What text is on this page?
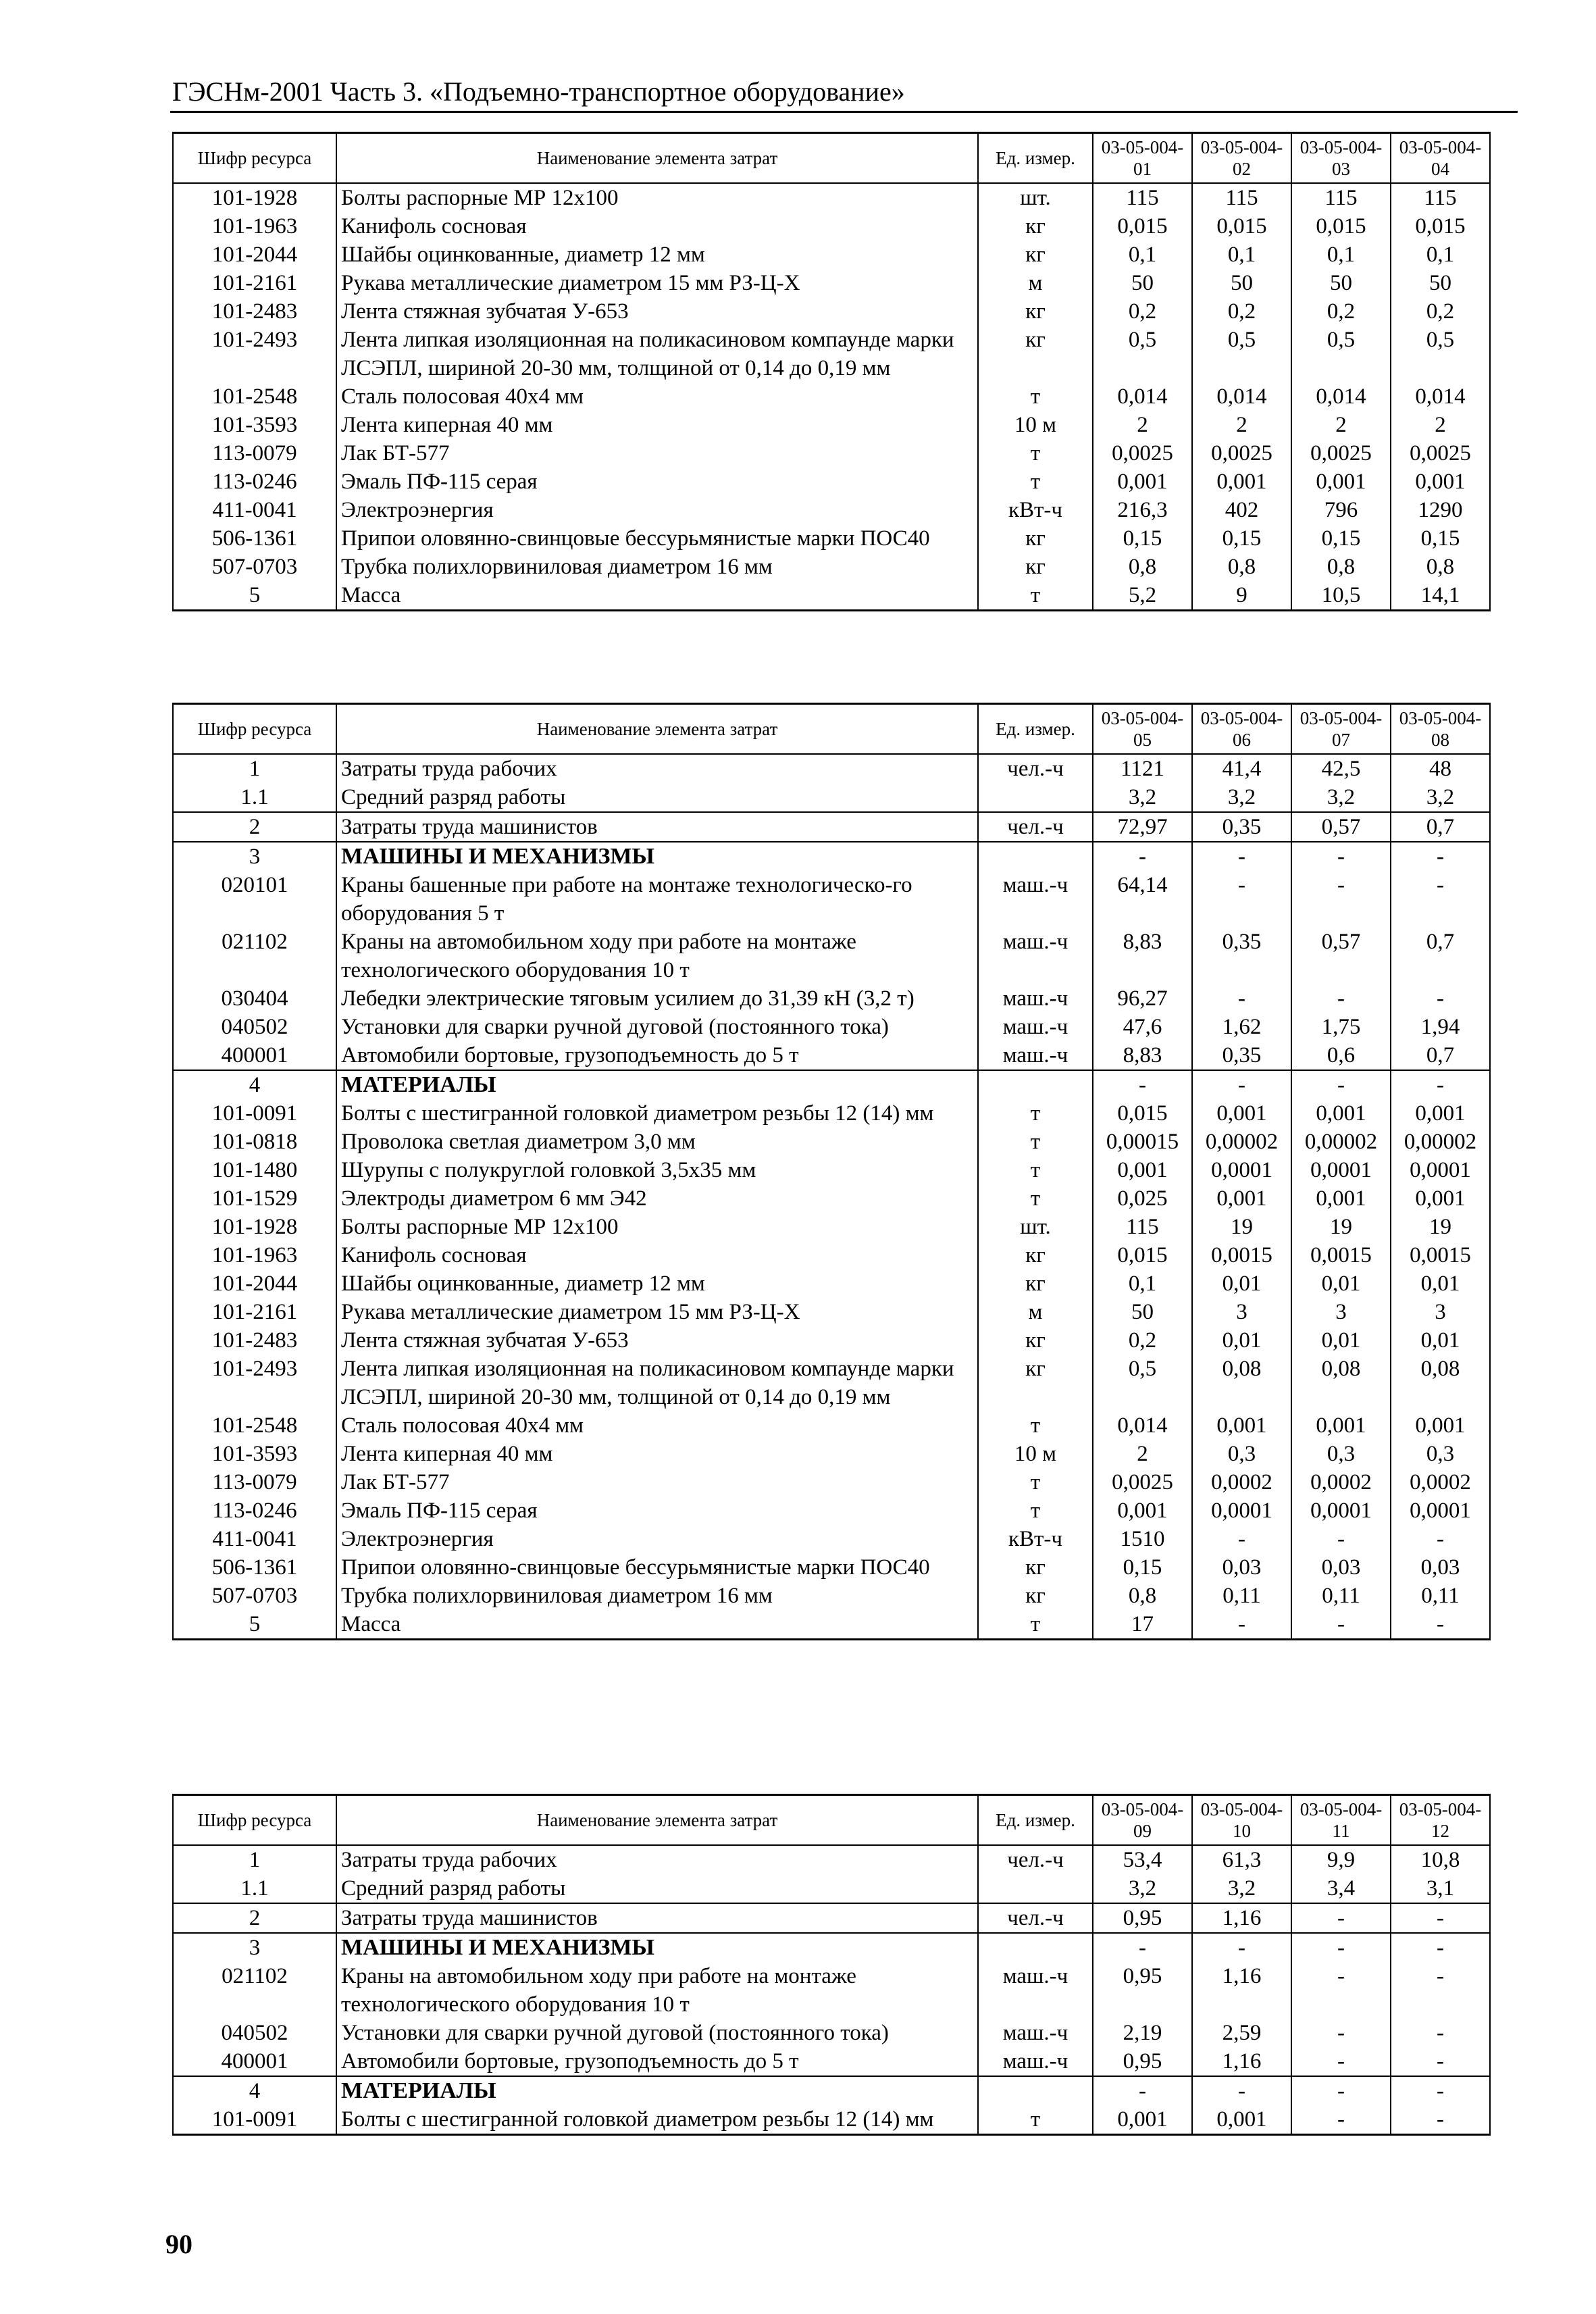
ГЭСНм-2001 Часть 3. «Подъемно-транспортное оборудование»
Шифр ресурса	Наименование элемента затрат	Ед. измер.	03-05-004-01	03-05-004-02	03-05-004-03	03-05-004-04
101-1928	Болты распорные МР 12х100	шт.	115	115	115	115
101-1963	Канифоль сосновая	кг	0,015	0,015	0,015	0,015
101-2044	Шайбы оцинкованные, диаметр 12 мм	кг	0,1	0,1	0,1	0,1
101-2161	Рукава металлические диаметром 15 мм РЗ-Ц-Х	м	50	50	50	50
101-2483	Лента стяжная зубчатая У-653	кг	0,2	0,2	0,2	0,2
101-2493	Лента липкая изоляционная на поликасиновом компаунде марки ЛСЭПЛ, шириной 20-30 мм, толщиной от 0,14 до 0,19 мм	кг	0,5	0,5	0,5	0,5
101-2548	Сталь полосовая 40х4 мм	т	0,014	0,014	0,014	0,014
101-3593	Лента киперная 40 мм	10 м	2	2	2	2
113-0079	Лак БТ-577	т	0,0025	0,0025	0,0025	0,0025
113-0246	Эмаль ПФ-115 серая	т	0,001	0,001	0,001	0,001
411-0041	Электроэнергия	кВт-ч	216,3	402	796	1290
506-1361	Припои оловянно-свинцовые бессурьмянистые марки ПОС40	кг	0,15	0,15	0,15	0,15
507-0703	Трубка полихлорвиниловая диаметром 16 мм	кг	0,8	0,8	0,8	0,8
5	Масса	т	5,2	9	10,5	14,1
Шифр ресурса	Наименование элемента затрат	Ед. измер.	03-05-004-05	03-05-004-06	03-05-004-07	03-05-004-08
1	Затраты труда рабочих	чел.-ч	1121	41,4	42,5	48
1.1	Средний разряд работы		3,2	3,2	3,2	3,2
2	Затраты труда машинистов	чел.-ч	72,97	0,35	0,57	0,7
3	МАШИНЫ И МЕХАНИЗМЫ		-	-	-	-
020101	Краны башенные при работе на монтаже технологическо-го оборудования 5 т	маш.-ч	64,14	-	-	-
021102	Краны на автомобильном ходу при работе на монтаже технологического оборудования 10 т	маш.-ч	8,83	0,35	0,57	0,7
030404	Лебедки электрические тяговым усилием до 31,39 кН (3,2 т)	маш.-ч	96,27	-	-	-
040502	Установки для сварки ручной дуговой (постоянного тока)	маш.-ч	47,6	1,62	1,75	1,94
400001	Автомобили бортовые, грузоподъемность до 5 т	маш.-ч	8,83	0,35	0,6	0,7
4	МАТЕРИАЛЫ		-	-	-	-
101-0091	Болты с шестигранной головкой диаметром резьбы 12 (14) мм	т	0,015	0,001	0,001	0,001
101-0818	Проволока светлая диаметром 3,0 мм	т	0,00015	0,00002	0,00002	0,00002
101-1480	Шурупы с полукруглой головкой 3,5х35 мм	т	0,001	0,0001	0,0001	0,0001
101-1529	Электроды диаметром 6 мм Э42	т	0,025	0,001	0,001	0,001
101-1928	Болты распорные МР 12х100	шт.	115	19	19	19
101-1963	Канифоль сосновая	кг	0,015	0,0015	0,0015	0,0015
101-2044	Шайбы оцинкованные, диаметр 12 мм	кг	0,1	0,01	0,01	0,01
101-2161	Рукава металлические диаметром 15 мм РЗ-Ц-Х	м	50	3	3	3
101-2483	Лента стяжная зубчатая У-653	кг	0,2	0,01	0,01	0,01
101-2493	Лента липкая изоляционная на поликасиновом компаунде марки ЛСЭПЛ, шириной 20-30 мм, толщиной от 0,14 до 0,19 мм	кг	0,5	0,08	0,08	0,08
101-2548	Сталь полосовая 40х4 мм	т	0,014	0,001	0,001	0,001
101-3593	Лента киперная 40 мм	10 м	2	0,3	0,3	0,3
113-0079	Лак БТ-577	т	0,0025	0,0002	0,0002	0,0002
113-0246	Эмаль ПФ-115 серая	т	0,001	0,0001	0,0001	0,0001
411-0041	Электроэнергия	кВт-ч	1510	-	-	-
506-1361	Припои оловянно-свинцовые бессурьмянистые марки ПОС40	кг	0,15	0,03	0,03	0,03
507-0703	Трубка полихлорвиниловая диаметром 16 мм	кг	0,8	0,11	0,11	0,11
5	Масса	т	17	-	-	-
Шифр ресурса	Наименование элемента затрат	Ед. измер.	03-05-004-09	03-05-004-10	03-05-004-11	03-05-004-12
1	Затраты труда рабочих	чел.-ч	53,4	61,3	9,9	10,8
1.1	Средний разряд работы		3,2	3,2	3,4	3,1
2	Затраты труда машинистов	чел.-ч	0,95	1,16	-	-
3	МАШИНЫ И МЕХАНИЗМЫ		-	-	-	-
021102	Краны на автомобильном ходу при работе на монтаже технологического оборудования 10 т	маш.-ч	0,95	1,16	-	-
040502	Установки для сварки ручной дуговой (постоянного тока)	маш.-ч	2,19	2,59	-	-
400001	Автомобили бортовые, грузоподъемность до 5 т	маш.-ч	0,95	1,16	-	-
4	МАТЕРИАЛЫ		-	-	-	-
101-0091	Болты с шестигранной головкой диаметром резьбы 12 (14) мм	т	0,001	0,001	-	-
90
